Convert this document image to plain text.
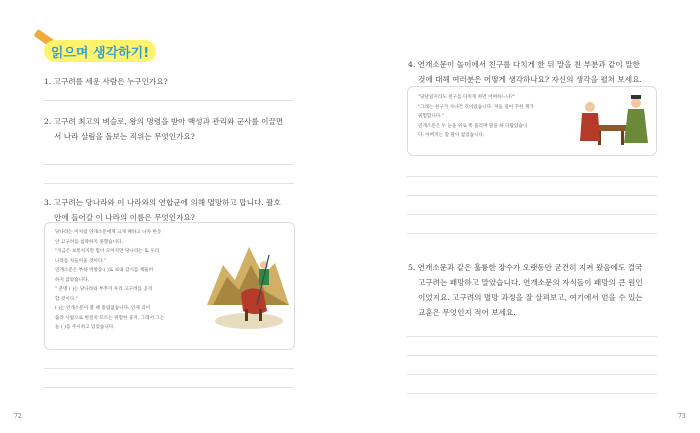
읽으며 생각하기!
1. 고구려를 세운 사람은 누구인가요?
2. 고구려 최고의 벼슬로, 왕의 명령을 받아 백성과 관리와 군사를 이끌면
서 나라 살림을 돌보는 직위는 무엇인가요?
3. 고구려는 당나라와 이 나라와의 연합군에 의해 멸망하고 맙니다. 괄호
안에 들어갈 이 나라의 이름은 무엇인가요?
당나라는 이처럼 연개소문에게 크게 패하고 나자 한동
안 고구려를 침략하지 못했습니다.
"지금은 보통처지만 힘이 모이지면 당나라는 또 우리
나라를 처들어올 것이다."
연개소문은 부하 박창송 ( )로 보내 감시를 계울히
하지 않았습니다.
" 분명 ( )는 당나라와 부추겨 우리 고구려를 공격
할 것이다."
( )는 연개소문이 볼 때 틀림없습니다. 인제 괴이
출라 사람으로 변질치 모르는 위험한 중지, 그래서 그는
늘 ( )를 주시하고 있었습니다.
72
4. 연개소문이 놀이에서 친구를 다치게 한 뒤 말을 친 부분과 같이 말한
것에 대해 여러분은 어떻게 생각하나요? 자신의 생각을 펼쳐 보세요.
"당난일지라도 친구를 다치게 하면 어쩌하느냐?"
"그래는 친구가 사나건 것이었습니다. 저들 깊어 꾸한 계가
위험합니다."
연개소문은 두 눈을 위로 쪽 올리며 말을 하 다람었습니
다. 아버지는 할 말이 없었습니다.
5. 연개소문과 같은 훌륭한 장수가 오랫동안 굳건히 지켜 왔음에도 결국
고구려는 패망하고 말았습니다. 연개소문의 자식들이 패망의 큰 원인
이었지요. 고구려의 멸망 과정을 잘 살펴보고, 여기에서 얻을 수 있는
교훈은 무엇인지 적어 보세요.
73
